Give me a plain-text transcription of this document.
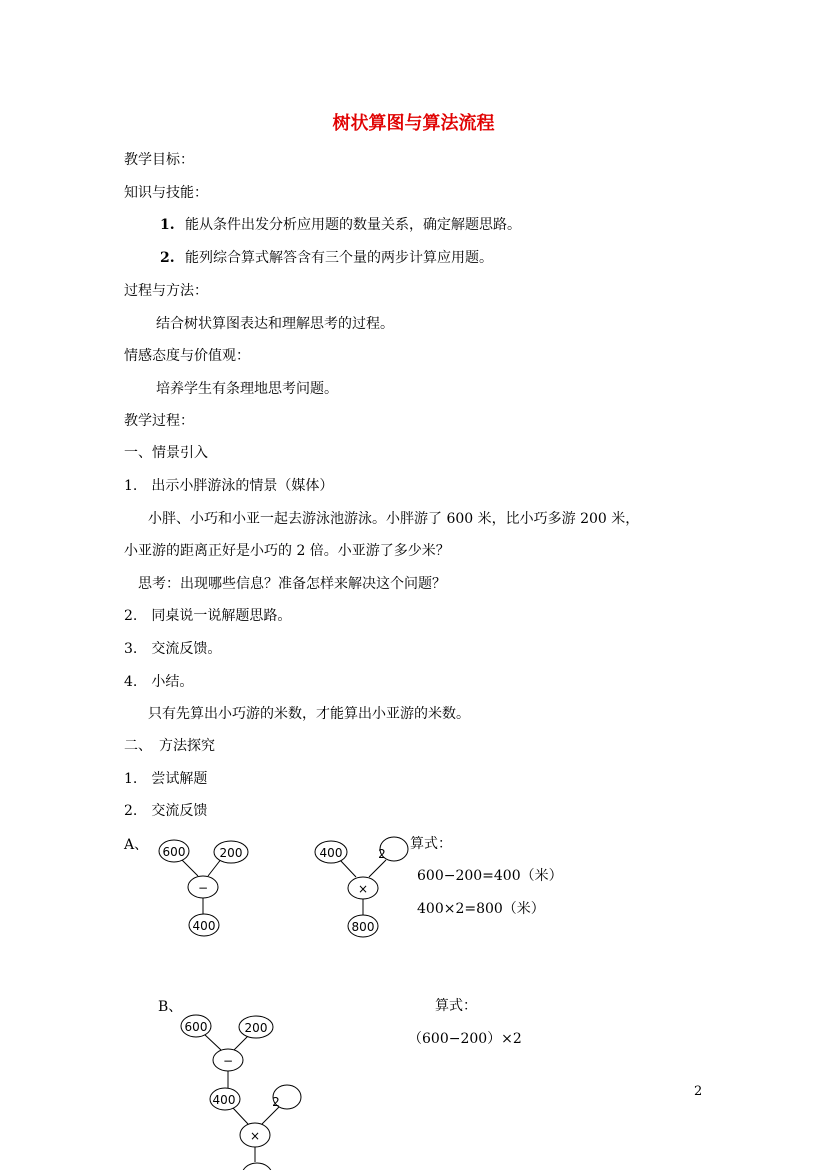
树状算图与算法流程
教学目标：
知识与技能：
1. 能从条件出发分析应用题的数量关系，确定解题思路。
2. 能列综合算式解答含有三个量的两步计算应用题。
过程与方法：
结合树状算图表达和理解思考的过程。
情感态度与价值观：
培养学生有条理地思考问题。
教学过程：
一、情景引入
1.　出示小胖游泳的情景（媒体）
小胖、小巧和小亚一起去游泳池游泳。小胖游了 600 米，比小巧多游 200 米，
小亚游的距离正好是小巧的 2 倍。小亚游了多少米？
思考：出现哪些信息？准备怎样来解决这个问题？
2.　同桌说一说解题思路。
3.　交流反馈。
4.　小结。
只有先算出小巧游的米数，才能算出小亚游的米数。
二、　方法探究
1.　尝试解题
2.　交流反馈
A、	算式：
600−200=400（米）
400×2=800（米）
B、	算式：
（600−200）×2
600	200
−
400
400	2
×
800
600	200
−
400	2
×
2
